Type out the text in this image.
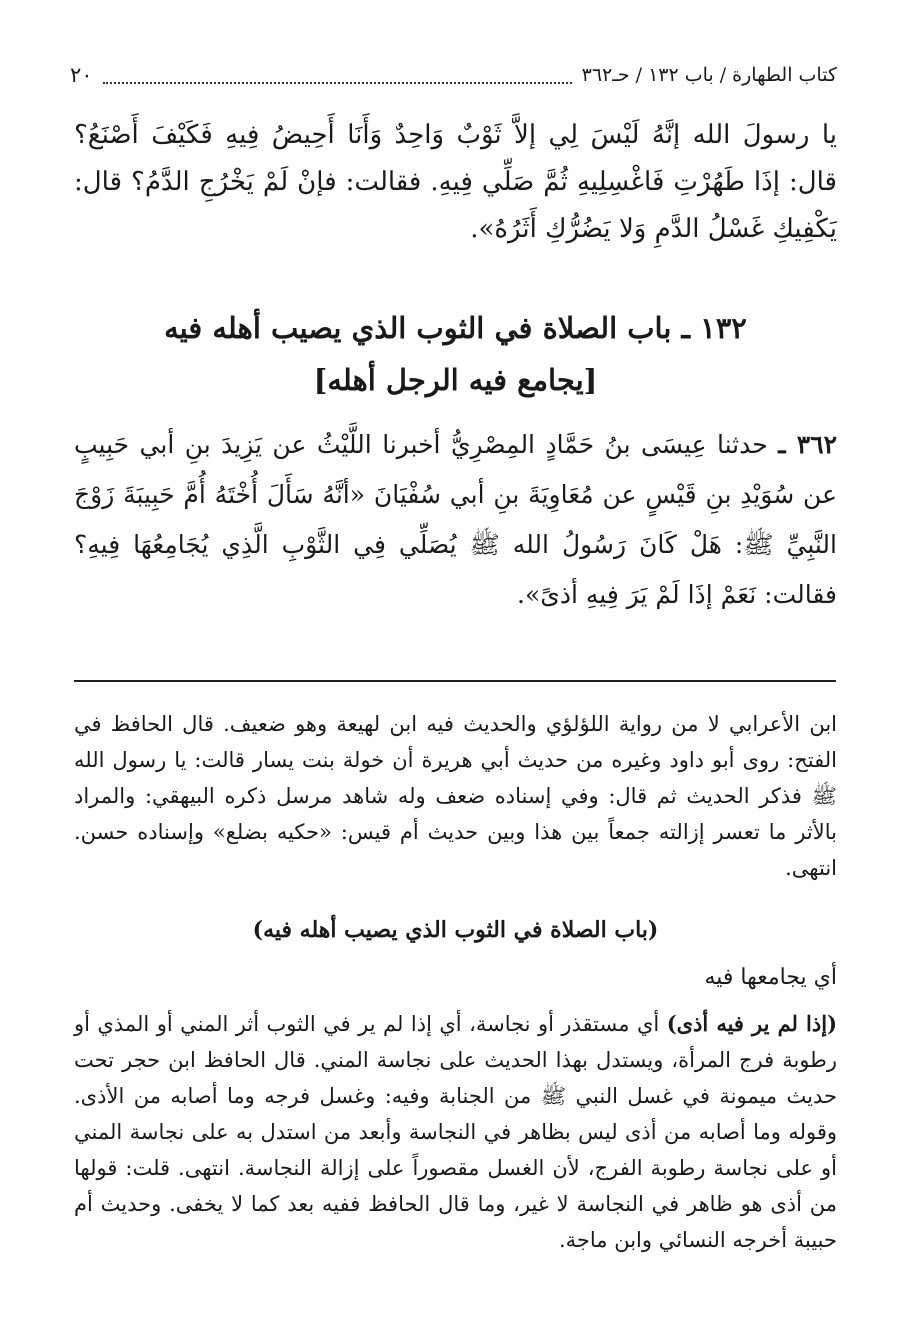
كتاب الطهارة / باب ١٣٢ / حـ٣٦٢
٢٠
يا رسولَ الله إنَّهُ لَيْسَ لِي إلاَّ ثَوْبٌ وَاحِدٌ وَأَنَا أَحِيضُ فِيهِ فَكَيْفَ أَصْنَعُ؟ قال: إذَا طَهُرْتِ فَاغْسِلِيهِ ثُمَّ صَلِّي فِيهِ. فقالت: فإنْ لَمْ يَخْرُجِ الدَّمُ؟ قال: يَكْفِيكِ غَسْلُ الدَّمِ وَلا يَضُرُّكِ أَثَرُهُ».
١٣٢ ـ باب الصلاة في الثوب الذي يصيب أهله فيه
[يجامع فيه الرجل أهله]
٣٦٢ ـ حدثنا عِيسَى بنُ حَمَّادٍ المِصْرِيُّ أخبرنا اللَّيْثُ عن يَزِيدَ بنِ أبي حَبِيبٍ عن سُوَيْدِ بنِ قَيْسٍ عن مُعَاوِيَةَ بنِ أبي سُفْيَانَ «أنَّهُ سَأَلَ أُخْتَهُ أُمَّ حَبِيبَةَ زَوْجَ النَّبِيِّ ﷺ: هَلْ كَانَ رَسُولُ الله ﷺ يُصَلِّي فِي الثَّوْبِ الَّذِي يُجَامِعُهَا فِيهِ؟ فقالت: نَعَمْ إذَا لَمْ يَرَ فِيهِ أذىً».

ابن الأعرابي لا من رواية اللؤلؤي والحديث فيه ابن لهيعة وهو ضعيف. قال الحافظ في الفتح: روى أبو داود وغيره من حديث أبي هريرة أن خولة بنت يسار قالت: يا رسول الله ﷺ فذكر الحديث ثم قال: وفي إسناده ضعف وله شاهد مرسل ذكره البيهقي: والمراد بالأثر ما تعسر إزالته جمعاً بين هذا وبين حديث أم قيس: «حكيه بضلع» وإسناده حسن. انتهى.

(باب الصلاة في الثوب الذي يصيب أهله فيه)

أي يجامعها فيه

(إذا لم ير فيه أذى) أي مستقذر أو نجاسة، أي إذا لم ير في الثوب أثر المني أو المذي أو رطوبة فرج المرأة، ويستدل بهذا الحديث على نجاسة المني. قال الحافظ ابن حجر تحت حديث ميمونة في غسل النبي ﷺ من الجنابة وفيه: وغسل فرجه وما أصابه من الأذى. وقوله وما أصابه من أذى ليس بظاهر في النجاسة وأبعد من استدل به على نجاسة المني أو على نجاسة رطوبة الفرج، لأن الغسل مقصوراً على إزالة النجاسة. انتهى. قلت: قولها من أذى هو ظاهر في النجاسة لا غير، وما قال الحافظ ففيه بعد كما لا يخفى. وحديث أم حبيبة أخرجه النسائي وابن ماجة.
